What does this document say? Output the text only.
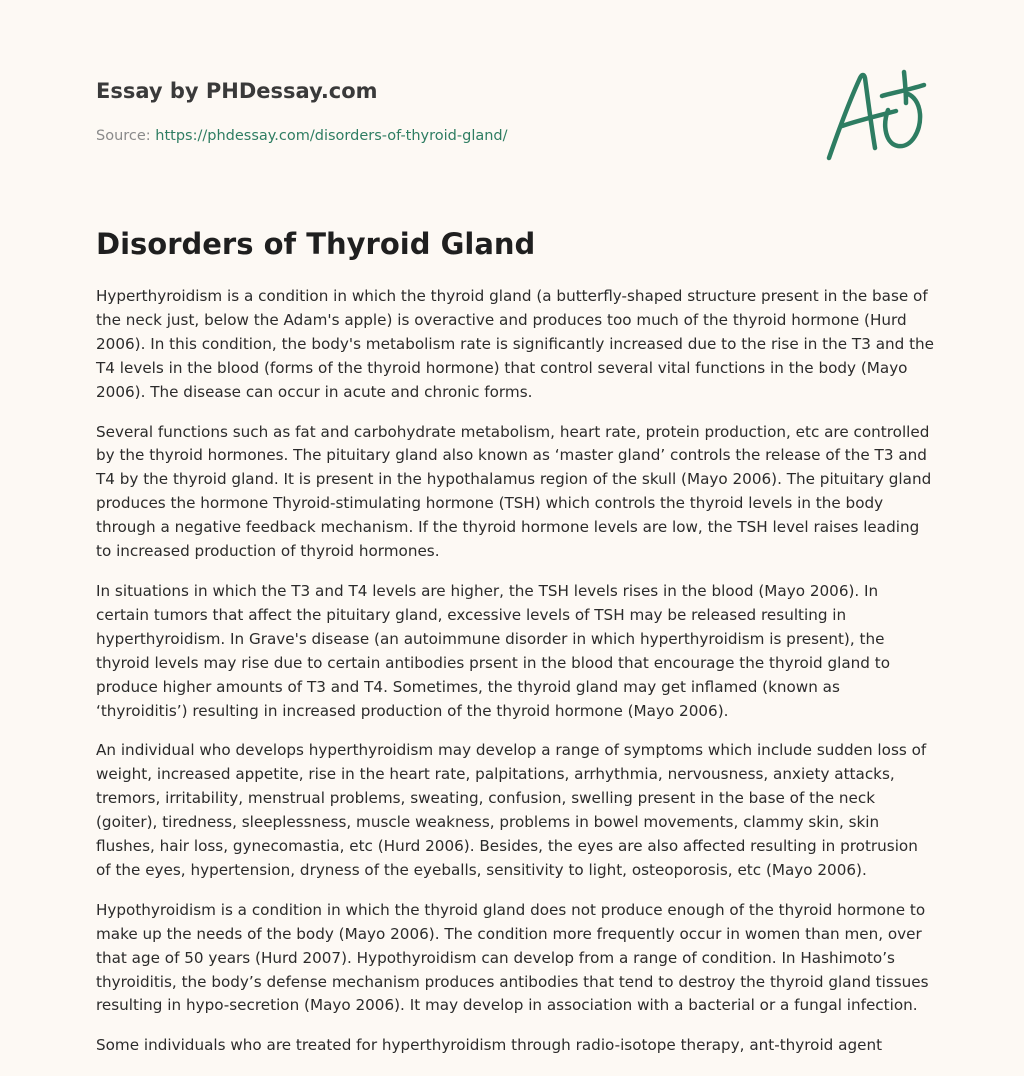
Essay by PHDessay.com
Source: https://phdessay.com/disorders-of-thyroid-gland/
Disorders of Thyroid Gland

Hyperthyroidism is a condition in which the thyroid gland (a butterfly-shaped structure present in the base of the neck just, below the Adam's apple) is overactive and produces too much of the thyroid hormone (Hurd 2006). In this condition, the body's metabolism rate is significantly increased due to the rise in the T3 and the T4 levels in the blood (forms of the thyroid hormone) that control several vital functions in the body (Mayo 2006). The disease can occur in acute and chronic forms.

Several functions such as fat and carbohydrate metabolism, heart rate, protein production, etc are controlled by the thyroid hormones. The pituitary gland also known as ‘master gland’ controls the release of the T3 and T4 by the thyroid gland. It is present in the hypothalamus region of the skull (Mayo 2006). The pituitary gland produces the hormone Thyroid-stimulating hormone (TSH) which controls the thyroid levels in the body through a negative feedback mechanism. If the thyroid hormone levels are low, the TSH level raises leading to increased production of thyroid hormones.

In situations in which the T3 and T4 levels are higher, the TSH levels rises in the blood (Mayo 2006). In certain tumors that affect the pituitary gland, excessive levels of TSH may be released resulting in hyperthyroidism. In Grave's disease (an autoimmune disorder in which hyperthyroidism is present), the thyroid levels may rise due to certain antibodies prsent in the blood that encourage the thyroid gland to produce higher amounts of T3 and T4. Sometimes, the thyroid gland may get inflamed (known as ‘thyroiditis’) resulting in increased production of the thyroid hormone (Mayo 2006).

An individual who develops hyperthyroidism may develop a range of symptoms which include sudden loss of weight, increased appetite, rise in the heart rate, palpitations, arrhythmia, nervousness, anxiety attacks, tremors, irritability, menstrual problems, sweating, confusion, swelling present in the base of the neck (goiter), tiredness, sleeplessness, muscle weakness, problems in bowel movements, clammy skin, skin flushes, hair loss, gynecomastia, etc (Hurd 2006). Besides, the eyes are also affected resulting in protrusion of the eyes, hypertension, dryness of the eyeballs, sensitivity to light, osteoporosis, etc (Mayo 2006).

Hypothyroidism is a condition in which the thyroid gland does not produce enough of the thyroid hormone to make up the needs of the body (Mayo 2006). The condition more frequently occur in women than men, over that age of 50 years (Hurd 2007). Hypothyroidism can develop from a range of condition. In Hashimoto’s thyroiditis, the body’s defense mechanism produces antibodies that tend to destroy the thyroid gland tissues resulting in hypo-secretion (Mayo 2006). It may develop in association with a bacterial or a fungal infection.

Some individuals who are treated for hyperthyroidism through radio-isotope therapy, ant-thyroid agent
